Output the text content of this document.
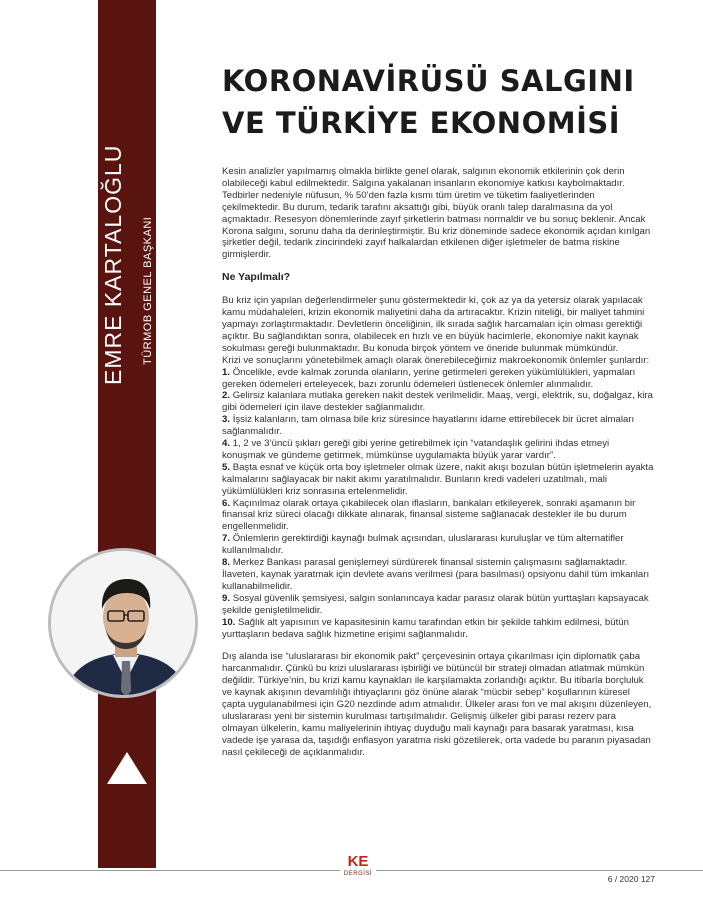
EMRE KARTALOĞLU TÜRMOB GENEL BAŞKANI
KORONAVİRÜSÜ SALGINI
VE TÜRKİYE EKONOMİSİ

Kesin analizler yapılmamış olmakla birlikte genel olarak, salgının ekonomik etkilerinin çok derin olabileceği kabul edilmektedir. Salgına yakalanan insanların ekonomiye katkısı kaybolmaktadır. Tedbirler nedeniyle nüfusun, % 50’den fazla kısmı tüm üretim ve tüketim faaliyetlerinden çekilmektedir. Bu durum, tedarik tarafını aksattığı gibi, büyük oranlı talep daralmasına da yol açmaktadır. Resesyon dönemlerinde zayıf şirketlerin batması normaldir ve bu sonuç beklenir. Ancak Korona salgını, sorunu daha da derinleştirmiştir. Bu kriz döneminde sadece ekonomik açıdan kırılgan şirketler değil, tedarik zincirindeki zayıf halkalardan etkilenen diğer işletmeler de batma riskine girmişlerdir.

Ne Yapılmalı?

Bu kriz için yapılan değerlendirmeler şunu göstermektedir ki, çok az ya da yetersiz olarak yapılacak kamu müdahaleleri, krizin ekonomik maliyetini daha da artıracaktır. Krizin niteliği, bir maliyet tahmini yapmayı zorlaştırmaktadır. Devletlerin önceliğinin, ilk sırada sağlık harcamaları için olması gerektiği açıktır. Bu sağlandıktan sonra, olabilecek en hızlı ve en büyük hacimlerle, ekonomiye nakit kaynak sokulması gereği bulunmaktadır. Bu konuda birçok yöntem ve öneride bulunmak mümkündür.

Krizi ve sonuçlarını yönetebilmek amaçlı olarak önerebileceğimiz makroekonomik önlemler şunlardır:

1. Öncelikle, evde kalmak zorunda olanların, yerine getirmeleri gereken yükümlülükleri, yapmaları gereken ödemeleri erteleyecek, bazı zorunlu ödemeleri üstlenecek önlemler alınmalıdır.

2. Gelirsiz kalanlara mutlaka gereken nakit destek verilmelidir. Maaş, vergi, elektrik, su, doğalgaz, kira gibi ödemeleri için ilave destekler sağlanmalıdır.

3. İşsiz kalanların, tam olmasa bile kriz süresince hayatlarını idame ettirebilecek bir ücret almaları sağlanmalıdır.

4. 1, 2 ve 3’üncü şıkları gereği gibi yerine getirebilmek için “vatandaşlık gelirini ihdas etmeyi konuşmak ve gündeme getirmek, mümkünse uygulamakta büyük yarar vardır”.

5. Başta esnaf ve küçük orta boy işletmeler olmak üzere, nakit akışı bozulan bütün işletmelerin ayakta kalmalarını sağlayacak bir nakit akımı yaratılmalıdır. Bunların kredi vadeleri uzatılmalı, mali yükümlülükleri kriz sonrasına ertelenmelidir.

6. Kaçınılmaz olarak ortaya çıkabilecek olan iflasların, bankaları etkileyerek, sonraki aşamanın bir finansal kriz süreci olacağı dikkate alınarak, finansal sisteme sağlanacak destekler ile bu durum engellenmelidir.

7. Önlemlerin gerektirdiği kaynağı bulmak açısından, uluslararası kuruluşlar ve tüm alternatifler kullanılmalıdır.

8. Merkez Bankası parasal genişlemeyi sürdürerek finansal sistemin çalışmasını sağlamaktadır. İlaveten, kaynak yaratmak için devlete avans verilmesi (para basılması) opsiyonu dahil tüm imkanları kullanabilmelidir.

9. Sosyal güvenlik şemsiyesi, salgın sonlanıncaya kadar parasız olarak bütün yurttaşları kapsayacak şekilde genişletilmelidir.

10. Sağlık alt yapısının ve kapasitesinin kamu tarafından etkin bir şekilde tahkim edilmesi, bütün yurttaşların bedava sağlık hizmetine erişimi sağlanmalıdır.

Dış alanda ise “uluslararası bir ekonomik pakt” çerçevesinin ortaya çıkarılması için diplomatik çaba harcanmalıdır. Çünkü bu krizi uluslararası işbirliği ve bütüncül bir strateji olmadan atlatmak mümkün değildir. Türkiye’nin, bu krizi kamu kaynakları ile karşılamakta zorlandığı açıktır. Bu itibarla borçluluk ve kaynak akışının devamlılığı ihtiyaçlarını göz önüne alarak “mücbir sebep” koşullarının küresel çapta uygulanabilmesi için G20 nezdinde adım atmalıdır. Ülkeler arası fon ve mal akışını düzenleyen, uluslararası yeni bir sistemin kurulması tartışılmalıdır. Gelişmiş ülkeler gibi parası rezerv para olmayan ülkelerin, kamu maliyelerinin ihtiyaç duyduğu mali kaynağı para basarak yaratması, kısa vadede işe yarasa da, taşıdığı enflasyon yaratma riski gözetilerek, orta vadede bu paranın piyasadan nasıl çekileceği de açıklanmalıdır.

KE
DERGİSİ	6 / 2020 127
